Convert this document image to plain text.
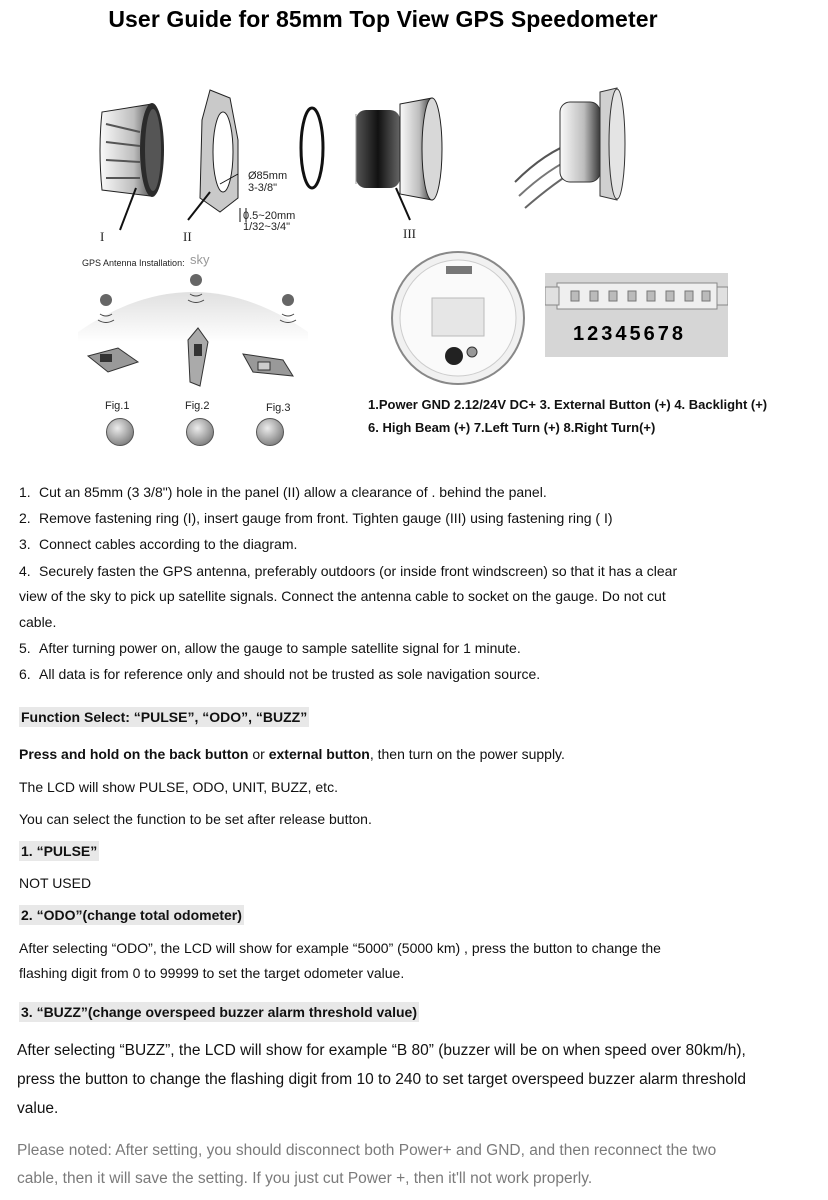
User Guide for 85mm Top View GPS Speedometer
I	II	III
Ø85mm
3-3/8"
0.5~20mm
1/32~3/4"
GPS Antenna Installation: sky
Fig.1	Fig.2	Fig.3
12345678
1.Power GND 2.12/24V DC+ 3. External Button (+) 4. Backlight (+)
6. High Beam (+) 7.Left Turn (+) 8.Right Turn(+)
1. Cut an 85mm (3 3/8") hole in the panel (II) allow a clearance of . behind the panel.
2. Remove fastening ring (I), insert gauge from front. Tighten gauge (III) using fastening ring ( I)
3. Connect cables according to the diagram.
4. Securely fasten the GPS antenna, preferably outdoors (or inside front windscreen) so that it has a clear
view of the sky to pick up satellite signals. Connect the antenna cable to socket on the gauge. Do not cut
cable.
5. After turning power on, allow the gauge to sample satellite signal for 1 minute.
6. All data is for reference only and should not be trusted as sole navigation source.
Function Select: “PULSE”, “ODO”, “BUZZ”
Press and hold on the back button or external button, then turn on the power supply.
The LCD will show PULSE, ODO, UNIT, BUZZ, etc.
You can select the function to be set after release button.
1. “PULSE”
NOT USED
2. “ODO”(change total odometer)
After selecting “ODO”, the LCD will show for example “5000” (5000 km) , press the button to change the
flashing digit from 0 to 99999 to set the target odometer value.
3. “BUZZ”(change overspeed buzzer alarm threshold value)
After selecting “BUZZ”, the LCD will show for example “B 80” (buzzer will be on when speed over 80km/h),
press the button to change the flashing digit from 10 to 240 to set target overspeed buzzer alarm threshold
value.
Please noted: After setting, you should disconnect both Power+ and GND, and then reconnect the two
cable, then it will save the setting. If you just cut Power +, then it'll not work properly.
